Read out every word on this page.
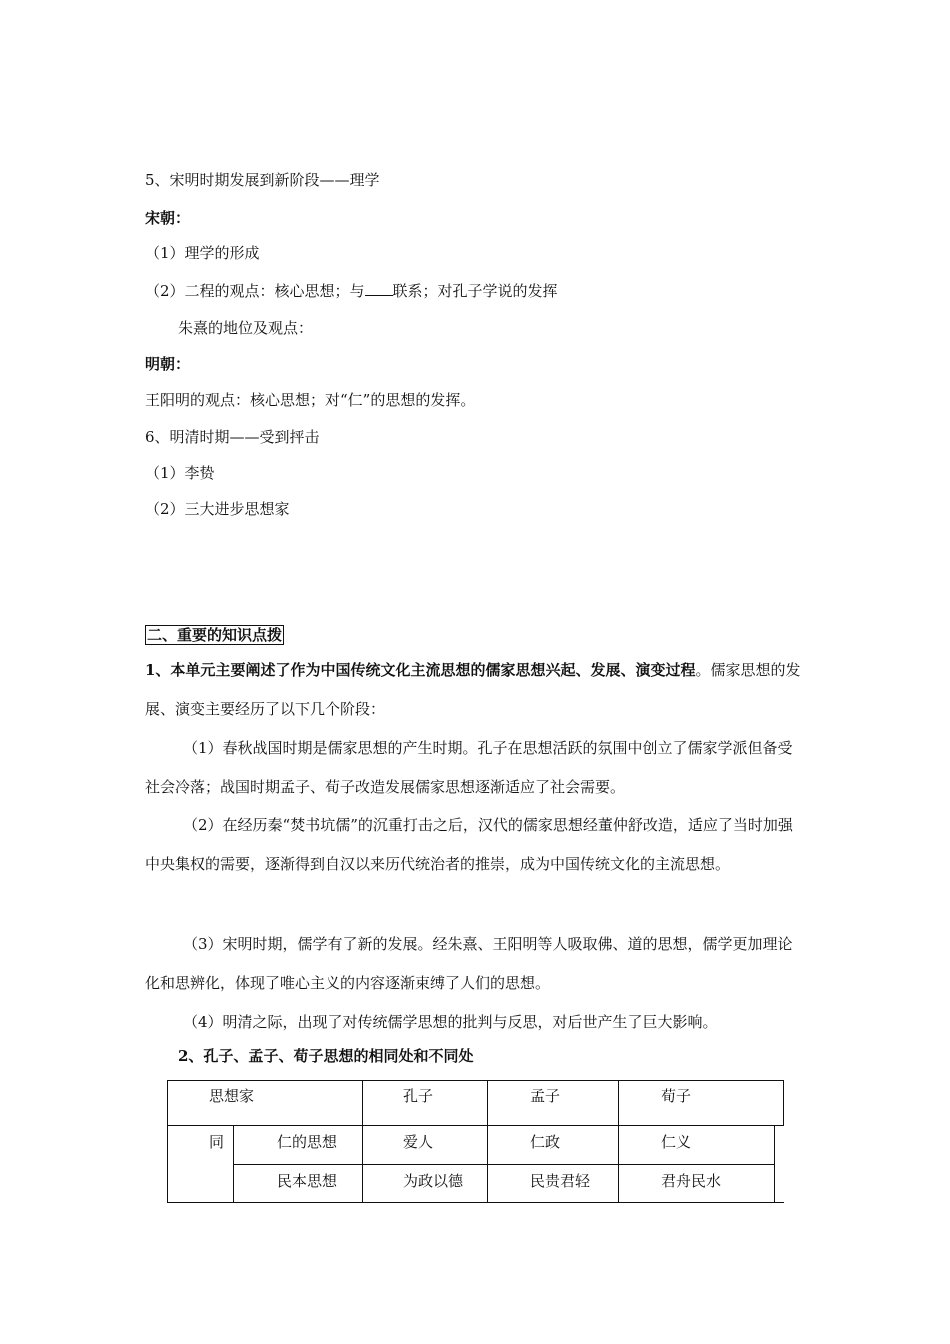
5、宋明时期发展到新阶段——理学
宋朝：
（1）理学的形成
（2）二程的观点：核心思想；与 联系；对孔子学说的发挥
朱熹的地位及观点：
明朝：
王阳明的观点：核心思想；对“仁”的思想的发挥。
6、明清时期——受到抨击
（1）李贽
（2）三大进步思想家
二、重要的知识点拨
1、本单元主要阐述了作为中国传统文化主流思想的儒家思想兴起、发展、演变过程。儒家思想的发展、演变主要经历了以下几个阶段：
（1）春秋战国时期是儒家思想的产生时期。孔子在思想活跃的氛围中创立了儒家学派但备受社会冷落；战国时期孟子、荀子改造发展儒家思想逐渐适应了社会需要。
（2）在经历秦“焚书坑儒”的沉重打击之后，汉代的儒家思想经董仲舒改造，适应了当时加强中央集权的需要，逐渐得到自汉以来历代统治者的推崇，成为中国传统文化的主流思想。
（3）宋明时期，儒学有了新的发展。经朱熹、王阳明等人吸取佛、道的思想，儒学更加理论化和思辨化，体现了唯心主义的内容逐渐束缚了人们的思想。
（4）明清之际，出现了对传统儒学思想的批判与反思，对后世产生了巨大影响。
2、孔子、孟子、荀子思想的相同处和不同处
思想家	孔子	孟子	荀子
同	仁的思想	爱人	仁政	仁义
民本思想	为政以德	民贵君轻	君舟民水
